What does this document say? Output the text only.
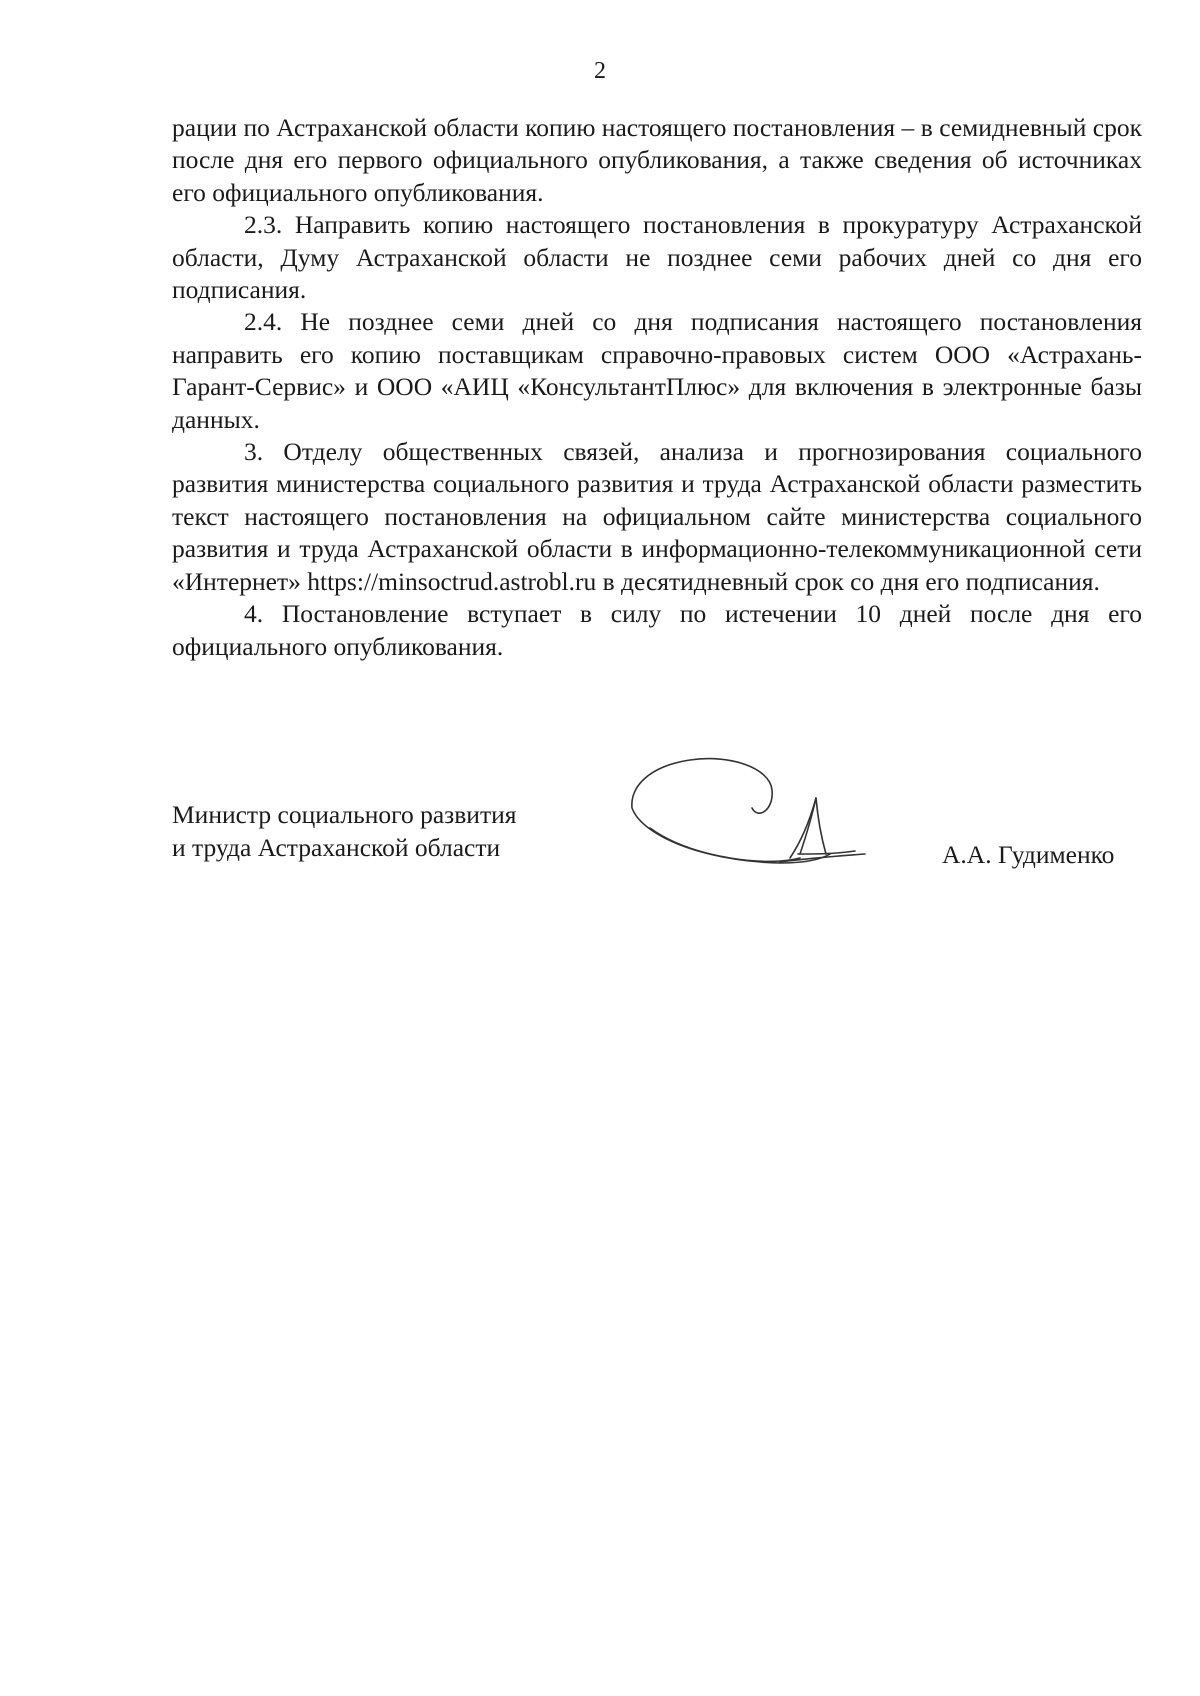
2

рации по Астраханской области копию настоящего постановления – в семидневный срок после дня его первого официального опубликования, а также сведения об источниках его официального опубликования.

2.3. Направить копию настоящего постановления в прокуратуру Астраханской области, Думу Астраханской области не позднее семи рабочих дней со дня его подписания.

2.4. Не позднее семи дней со дня подписания настоящего постановления направить его копию поставщикам справочно-правовых систем ООО «Астрахань-Гарант-Сервис» и ООО «АИЦ «КонсультантПлюс» для включения в электронные базы данных.

3. Отделу общественных связей, анализа и прогнозирования социального развития министерства социального развития и труда Астраханской области разместить текст настоящего постановления на официальном сайте министерства социального развития и труда Астраханской области в информационно-телекоммуникационной сети «Интернет» https://minsoctrud.astrobl.ru в десятидневный срок со дня его подписания.

4. Постановление вступает в силу по истечении 10 дней после дня его официального опубликования.

Министр социального развития
и труда Астраханской области	А.А. Гудименко
